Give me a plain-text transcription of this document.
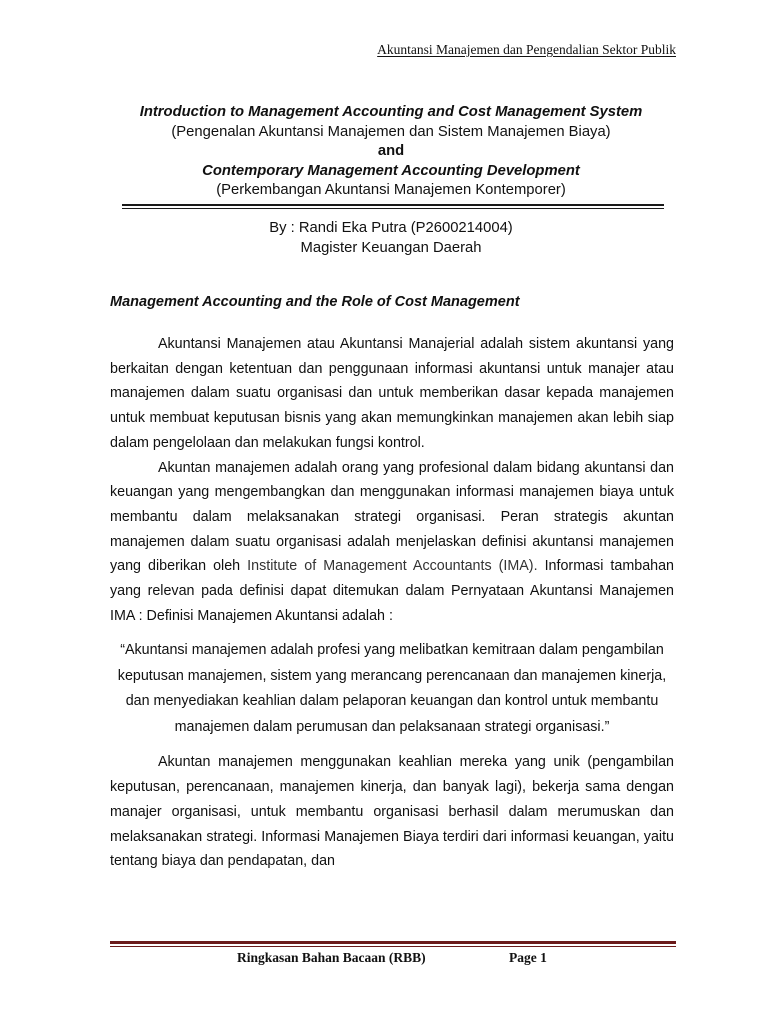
Akuntansi Manajemen dan Pengendalian Sektor Publik
Introduction to Management Accounting and Cost Management System
(Pengenalan Akuntansi Manajemen dan Sistem Manajemen Biaya)
and
Contemporary Management Accounting Development
(Perkembangan Akuntansi Manajemen Kontemporer)
By : Randi Eka Putra (P2600214004)
Magister Keuangan Daerah
Management Accounting and the Role of Cost Management

Akuntansi Manajemen atau Akuntansi Manajerial adalah sistem akuntansi yang berkaitan dengan ketentuan dan penggunaan informasi akuntansi untuk manajer atau manajemen dalam suatu organisasi dan untuk memberikan dasar kepada manajemen untuk membuat keputusan bisnis yang akan memungkinkan manajemen akan lebih siap dalam pengelolaan dan melakukan fungsi kontrol.

Akuntan manajemen adalah orang yang profesional dalam bidang akuntansi dan keuangan yang mengembangkan dan menggunakan informasi manajemen biaya untuk membantu dalam melaksanakan strategi organisasi. Peran strategis akuntan manajemen dalam suatu organisasi adalah menjelaskan definisi akuntansi manajemen yang diberikan oleh Institute of Management Accountants (IMA). Informasi tambahan yang relevan pada definisi dapat ditemukan dalam Pernyataan Akuntansi Manajemen IMA : Definisi Manajemen Akuntansi adalah :

“Akuntansi manajemen adalah profesi yang melibatkan kemitraan dalam pengambilan keputusan manajemen, sistem yang merancang perencanaan dan manajemen kinerja, dan menyediakan keahlian dalam pelaporan keuangan dan kontrol untuk membantu manajemen dalam perumusan dan pelaksanaan strategi organisasi.”

Akuntan manajemen menggunakan keahlian mereka yang unik (pengambilan keputusan, perencanaan, manajemen kinerja, dan banyak lagi), bekerja sama dengan manajer organisasi, untuk membantu organisasi berhasil dalam merumuskan dan melaksanakan strategi. Informasi Manajemen Biaya terdiri dari informasi keuangan, yaitu tentang biaya dan pendapatan, dan

Ringkasan Bahan Bacaan (RBB)	Page 1
